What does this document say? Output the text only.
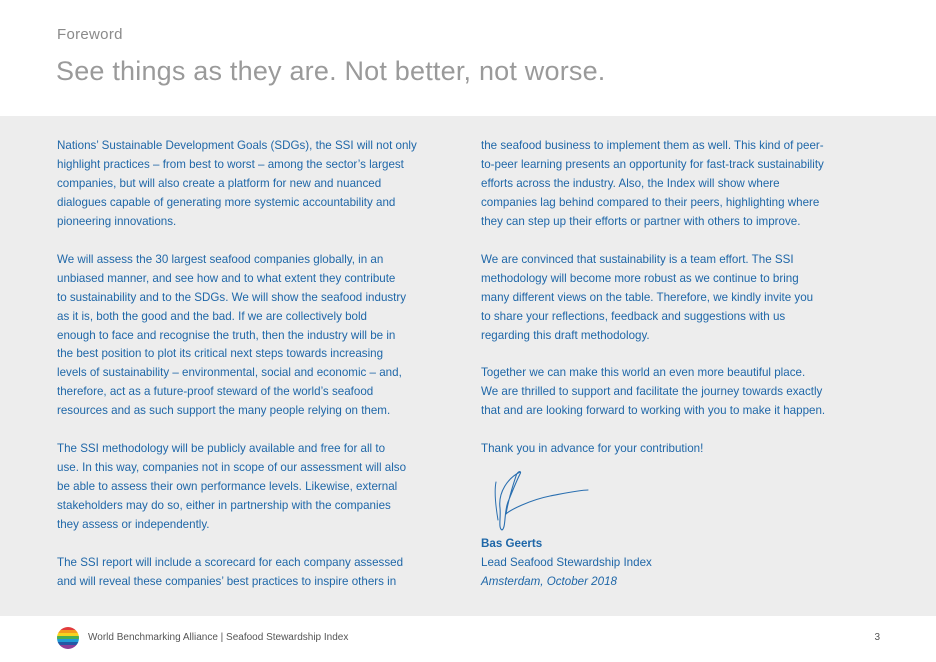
Foreword
See things as they are. Not better, not worse.

Nations’ Sustainable Development Goals (SDGs), the SSI will not only
highlight practices – from best to worst – among the sector’s largest
companies, but will also create a platform for new and nuanced
dialogues capable of generating more systemic accountability and
pioneering innovations.

We will assess the 30 largest seafood companies globally, in an
unbiased manner, and see how and to what extent they contribute
to sustainability and to the SDGs. We will show the seafood industry
as it is, both the good and the bad. If we are collectively bold
enough to face and recognise the truth, then the industry will be in
the best position to plot its critical next steps towards increasing
levels of sustainability – environmental, social and economic – and,
therefore, act as a future-proof steward of the world’s seafood
resources and as such support the many people relying on them.

The SSI methodology will be publicly available and free for all to
use. In this way, companies not in scope of our assessment will also
be able to assess their own performance levels. Likewise, external
stakeholders may do so, either in partnership with the companies
they assess or independently.

The SSI report will include a scorecard for each company assessed
and will reveal these companies’ best practices to inspire others in

the seafood business to implement them as well. This kind of peer-
to-peer learning presents an opportunity for fast-track sustainability
efforts across the industry. Also, the Index will show where
companies lag behind compared to their peers, highlighting where
they can step up their efforts or partner with others to improve.

We are convinced that sustainability is a team effort. The SSI
methodology will become more robust as we continue to bring
many different views on the table. Therefore, we kindly invite you
to share your reflections, feedback and suggestions with us
regarding this draft methodology.

Together we can make this world an even more beautiful place.
We are thrilled to support and facilitate the journey towards exactly
that and are looking forward to working with you to make it happen.

Thank you in advance for your contribution!

Bas Geerts
Lead Seafood Stewardship Index
Amsterdam, October 2018
World Benchmarking Alliance | Seafood Stewardship Index	3
